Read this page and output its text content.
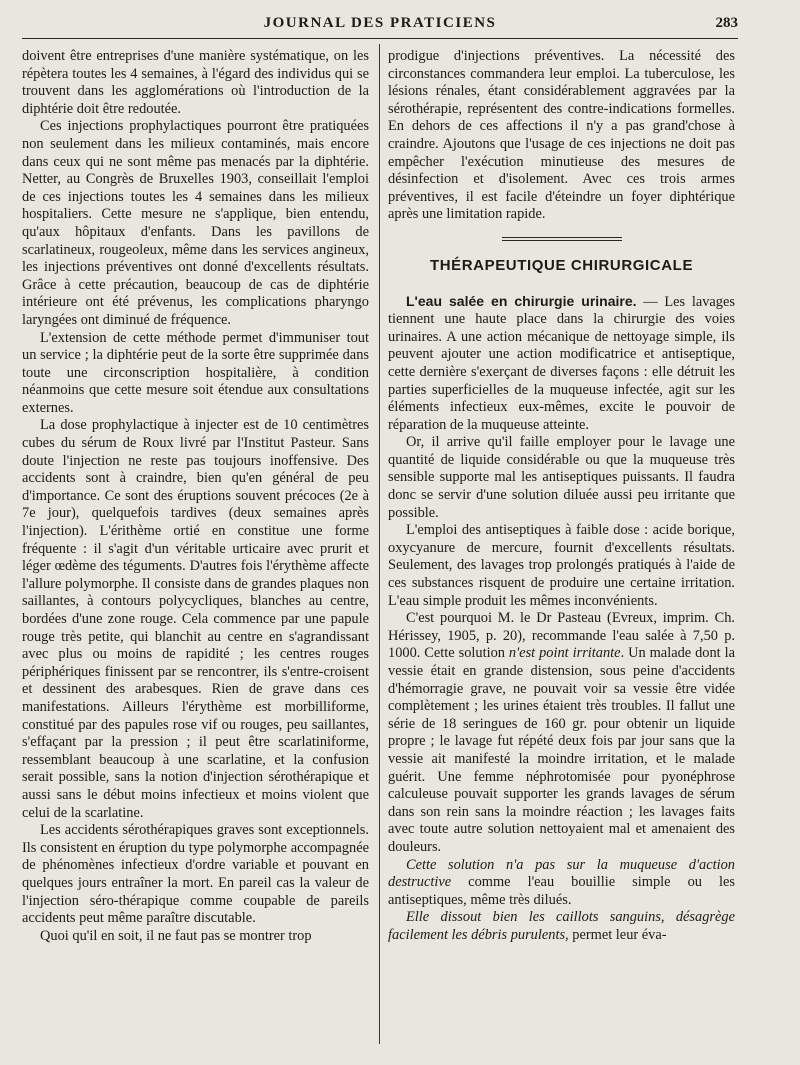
JOURNAL DES PRATICIENS	283

doivent être entreprises d'une manière systématique, on les répètera toutes les 4 semaines, à l'égard des individus qui se trouvent dans les agglomérations où l'introduction de la diphtérie doit être redoutée.

Ces injections prophylactiques pourront être pratiquées non seulement dans les milieux contaminés, mais encore dans ceux qui ne sont même pas menacés par la diphtérie. Netter, au Congrès de Bruxelles 1903, conseillait l'emploi de ces injections toutes les 4 semaines dans les milieux hospitaliers. Cette mesure ne s'applique, bien entendu, qu'aux hôpitaux d'enfants. Dans les pavillons de scarlatineux, rougeoleux, même dans les services angineux, les injections préventives ont donné d'excellents résultats. Grâce à cette précaution, beaucoup de cas de diphtérie intérieure ont été prévenus, les complications pharyngo laryngées ont diminué de fréquence.

L'extension de cette méthode permet d'immuniser tout un service ; la diphtérie peut de la sorte être supprimée dans toute une circonscription hospitalière, à condition néanmoins que cette mesure soit étendue aux consultations externes.

La dose prophylactique à injecter est de 10 centimètres cubes du sérum de Roux livré par l'Institut Pasteur. Sans doute l'injection ne reste pas toujours inoffensive. Des accidents sont à craindre, bien qu'en général de peu d'importance. Ce sont des éruptions souvent précoces (2e à 7e jour), quelquefois tardives (deux semaines après l'injection). L'érithème ortié en constitue une forme fréquente : il s'agit d'un véritable urticaire avec prurit et léger œdème des téguments. D'autres fois l'érythème affecte l'allure polymorphe. Il consiste dans de grandes plaques non saillantes, à contours polycycliques, blanches au centre, bordées d'une zone rouge. Cela commence par une papule rouge très petite, qui blanchit au centre en s'agrandissant avec plus ou moins de rapidité ; les centres rouges périphériques finissent par se rencontrer, ils s'entre-croisent et dessinent des arabesques. Rien de grave dans ces manifestations. Ailleurs l'érythème est morbilliforme, constitué par des papules rose vif ou rouges, peu saillantes, s'effaçant par la pression ; il peut être scarlatiniforme, ressemblant beaucoup à une scarlatine, et la confusion serait possible, sans la notion d'injection sérothérapique et aussi sans le début moins infectieux et moins violent que celui de la scarlatine.

Les accidents sérothérapiques graves sont exceptionnels. Ils consistent en éruption du type polymorphe accompagnée de phénomènes infectieux d'ordre variable et pouvant en quelques jours entraîner la mort. En pareil cas la valeur de l'injection séro-thérapique comme coupable de pareils accidents peut même paraître discutable.

Quoi qu'il en soit, il ne faut pas se montrer trop

prodigue d'injections préventives. La nécessité des circonstances commandera leur emploi. La tuberculose, les lésions rénales, étant considérablement aggravées par la sérothérapie, représentent des contre-indications formelles. En dehors de ces affections il n'y a pas grand'chose à craindre. Ajoutons que l'usage de ces injections ne doit pas empêcher l'exécution minutieuse des mesures de désinfection et d'isolement. Avec ces trois armes préventives, il est facile d'éteindre un foyer diphtérique après une limitation rapide.

THÉRAPEUTIQUE CHIRURGICALE

L'eau salée en chirurgie urinaire. — Les lavages tiennent une haute place dans la chirurgie des voies urinaires. A une action mécanique de nettoyage simple, ils peuvent ajouter une action modificatrice et antiseptique, cette dernière s'exerçant de diverses façons : elle détruit les parties superficielles de la muqueuse infectée, agit sur les éléments infectieux eux-mêmes, excite le pouvoir de réparation de la muqueuse atteinte.

Or, il arrive qu'il faille employer pour le lavage une quantité de liquide considérable ou que la muqueuse très sensible supporte mal les antiseptiques puissants. Il faudra donc se servir d'une solution diluée aussi peu irritante que possible.

L'emploi des antiseptiques à faible dose : acide borique, oxycyanure de mercure, fournit d'excellents résultats. Seulement, des lavages trop prolongés pratiqués à l'aide de ces substances risquent de produire une certaine irritation. L'eau simple produit les mêmes inconvénients.

C'est pourquoi M. le Dr Pasteau (Evreux, imprim. Ch. Hérissey, 1905, p. 20), recommande l'eau salée à 7,50 p. 1000. Cette solution n'est point irritante. Un malade dont la vessie était en grande distension, sous peine d'accidents d'hémorragie grave, ne pouvait voir sa vessie être vidée complètement ; les urines étaient très troubles. Il fallut une série de 18 seringues de 160 gr. pour obtenir un liquide propre ; le lavage fut répété deux fois par jour sans que la vessie ait manifesté la moindre irritation, et le malade guérit. Une femme néphrotomisée pour pyonéphrose calculeuse pouvait supporter les grands lavages de sérum dans son rein sans la moindre réaction ; les lavages faits avec toute autre solution nettoyaient mal et amenaient des douleurs.

Cette solution n'a pas sur la muqueuse d'action destructive comme l'eau bouillie simple ou les antiseptiques, même très dilués.

Elle dissout bien les caillots sanguins, désagrège facilement les débris purulents, permet leur éva-
